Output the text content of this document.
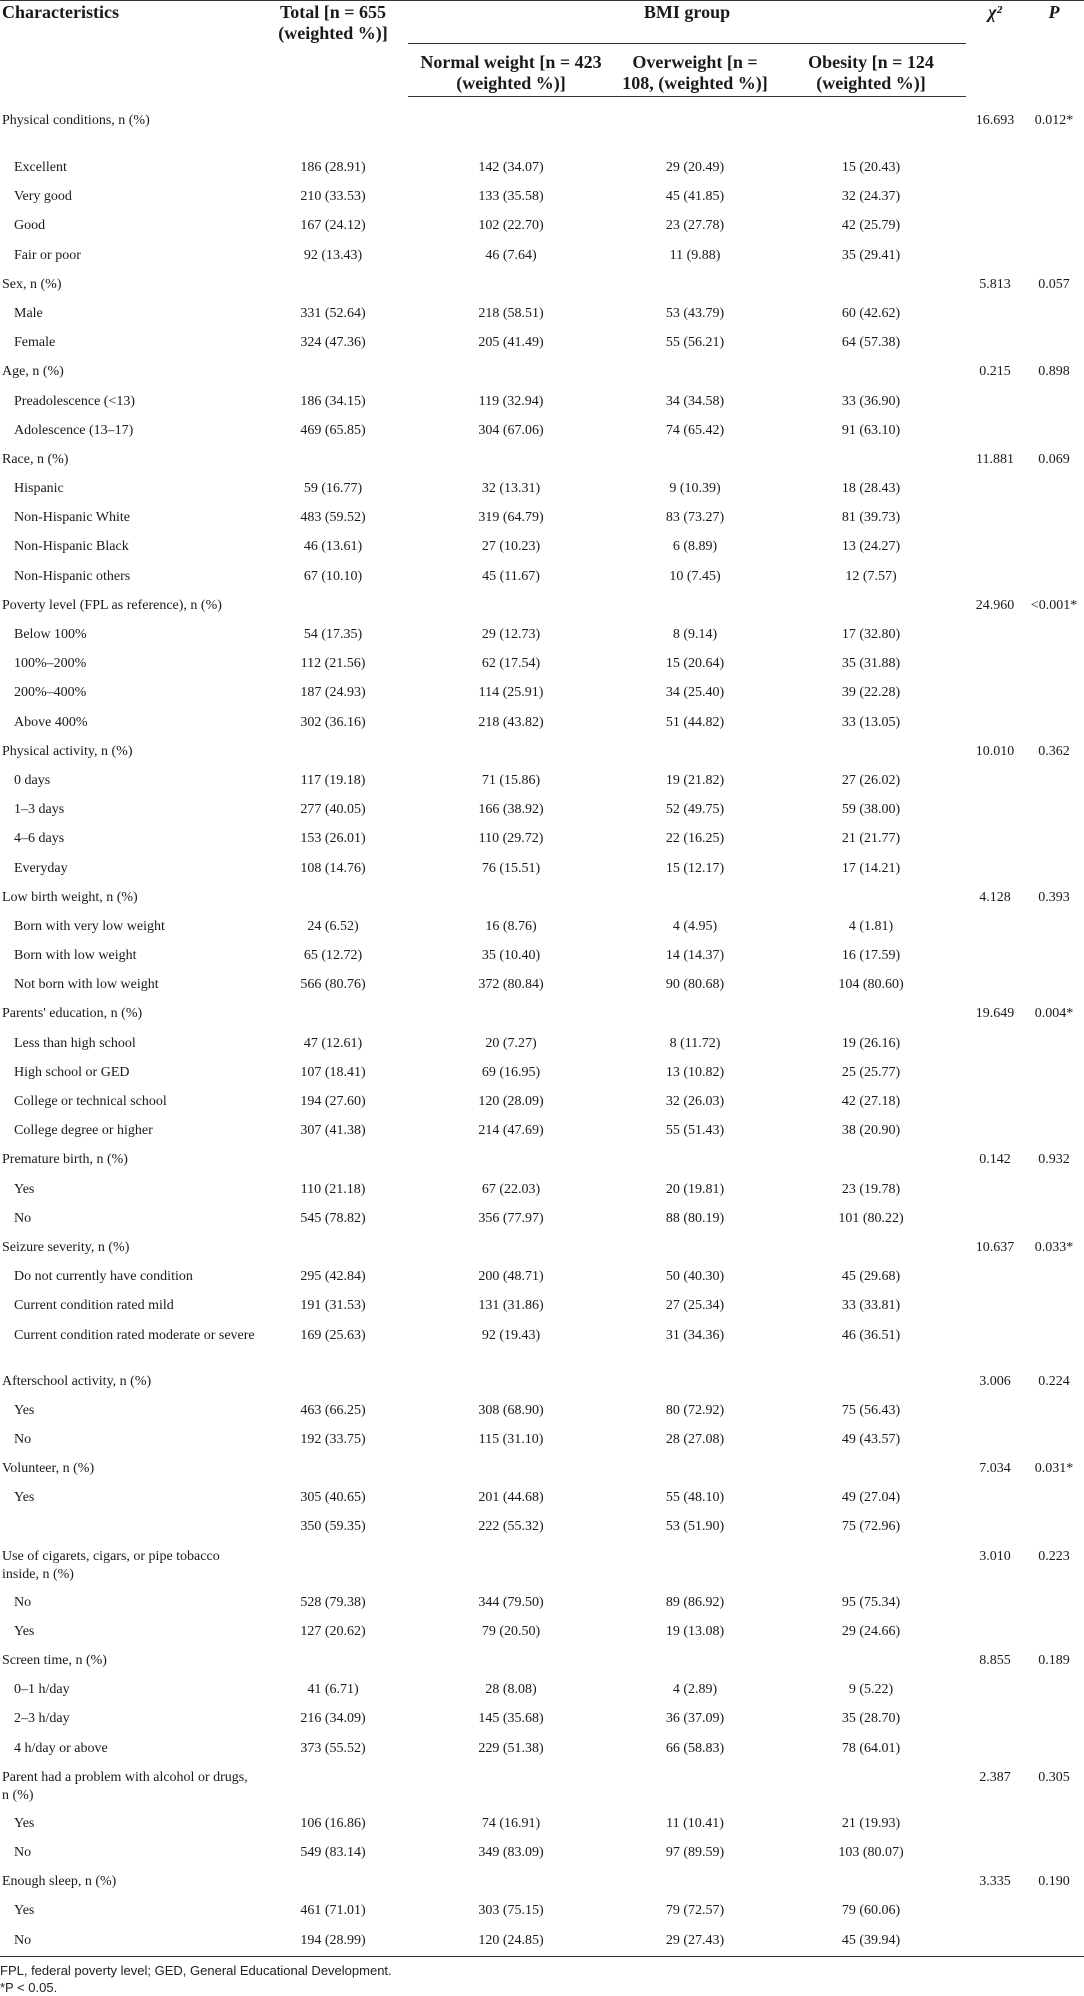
Characteristics	Total [n = 655 (weighted %)]	BMI group			χ²	P
		Normal weight [n = 423 (weighted %)]	Overweight [n = 108, (weighted %)]	Obesity [n = 124 (weighted %)]		
Physical conditions, n (%)					16.693	0.012*
Excellent	186 (28.91)	142 (34.07)	29 (20.49)	15 (20.43)		
Very good	210 (33.53)	133 (35.58)	45 (41.85)	32 (24.37)		
Good	167 (24.12)	102 (22.70)	23 (27.78)	42 (25.79)		
Fair or poor	92 (13.43)	46 (7.64)	11 (9.88)	35 (29.41)		
Sex, n (%)					5.813	0.057
Male	331 (52.64)	218 (58.51)	53 (43.79)	60 (42.62)		
Female	324 (47.36)	205 (41.49)	55 (56.21)	64 (57.38)		
Age, n (%)					0.215	0.898
Preadolescence (<13)	186 (34.15)	119 (32.94)	34 (34.58)	33 (36.90)		
Adolescence (13–17)	469 (65.85)	304 (67.06)	74 (65.42)	91 (63.10)		
Race, n (%)					11.881	0.069
Hispanic	59 (16.77)	32 (13.31)	9 (10.39)	18 (28.43)		
Non-Hispanic White	483 (59.52)	319 (64.79)	83 (73.27)	81 (39.73)		
Non-Hispanic Black	46 (13.61)	27 (10.23)	6 (8.89)	13 (24.27)		
Non-Hispanic others	67 (10.10)	45 (11.67)	10 (7.45)	12 (7.57)		
Poverty level (FPL as reference), n (%)					24.960	<0.001*
Below 100%	54 (17.35)	29 (12.73)	8 (9.14)	17 (32.80)		
100%–200%	112 (21.56)	62 (17.54)	15 (20.64)	35 (31.88)		
200%–400%	187 (24.93)	114 (25.91)	34 (25.40)	39 (22.28)		
Above 400%	302 (36.16)	218 (43.82)	51 (44.82)	33 (13.05)		
Physical activity, n (%)					10.010	0.362
0 days	117 (19.18)	71 (15.86)	19 (21.82)	27 (26.02)		
1–3 days	277 (40.05)	166 (38.92)	52 (49.75)	59 (38.00)		
4–6 days	153 (26.01)	110 (29.72)	22 (16.25)	21 (21.77)		
Everyday	108 (14.76)	76 (15.51)	15 (12.17)	17 (14.21)		
Low birth weight, n (%)					4.128	0.393
Born with very low weight	24 (6.52)	16 (8.76)	4 (4.95)	4 (1.81)		
Born with low weight	65 (12.72)	35 (10.40)	14 (14.37)	16 (17.59)		
Not born with low weight	566 (80.76)	372 (80.84)	90 (80.68)	104 (80.60)		
Parents' education, n (%)					19.649	0.004*
Less than high school	47 (12.61)	20 (7.27)	8 (11.72)	19 (26.16)		
High school or GED	107 (18.41)	69 (16.95)	13 (10.82)	25 (25.77)		
College or technical school	194 (27.60)	120 (28.09)	32 (26.03)	42 (27.18)		
College degree or higher	307 (41.38)	214 (47.69)	55 (51.43)	38 (20.90)		
Premature birth, n (%)					0.142	0.932
Yes	110 (21.18)	67 (22.03)	20 (19.81)	23 (19.78)		
No	545 (78.82)	356 (77.97)	88 (80.19)	101 (80.22)		
Seizure severity, n (%)					10.637	0.033*
Do not currently have condition	295 (42.84)	200 (48.71)	50 (40.30)	45 (29.68)		
Current condition rated mild	191 (31.53)	131 (31.86)	27 (25.34)	33 (33.81)		
Current condition rated moderate or severe	169 (25.63)	92 (19.43)	31 (34.36)	46 (36.51)		
Afterschool activity, n (%)					3.006	0.224
Yes	463 (66.25)	308 (68.90)	80 (72.92)	75 (56.43)		
No	192 (33.75)	115 (31.10)	28 (27.08)	49 (43.57)		
Volunteer, n (%)					7.034	0.031*
Yes	305 (40.65)	201 (44.68)	55 (48.10)	49 (27.04)		
	350 (59.35)	222 (55.32)	53 (51.90)	75 (72.96)		
Use of cigarets, cigars, or pipe tobacco inside, n (%)					3.010	0.223
No	528 (79.38)	344 (79.50)	89 (86.92)	95 (75.34)		
Yes	127 (20.62)	79 (20.50)	19 (13.08)	29 (24.66)		
Screen time, n (%)					8.855	0.189
0–1 h/day	41 (6.71)	28 (8.08)	4 (2.89)	9 (5.22)		
2–3 h/day	216 (34.09)	145 (35.68)	36 (37.09)	35 (28.70)		
4 h/day or above	373 (55.52)	229 (51.38)	66 (58.83)	78 (64.01)		
Parent had a problem with alcohol or drugs, n (%)					2.387	0.305
Yes	106 (16.86)	74 (16.91)	11 (10.41)	21 (19.93)		
No	549 (83.14)	349 (83.09)	97 (89.59)	103 (80.07)		
Enough sleep, n (%)					3.335	0.190
Yes	461 (71.01)	303 (75.15)	79 (72.57)	79 (60.06)		
No	194 (28.99)	120 (24.85)	29 (27.43)	45 (39.94)		
FPL, federal poverty level; GED, General Educational Development.
*P < 0.05.
